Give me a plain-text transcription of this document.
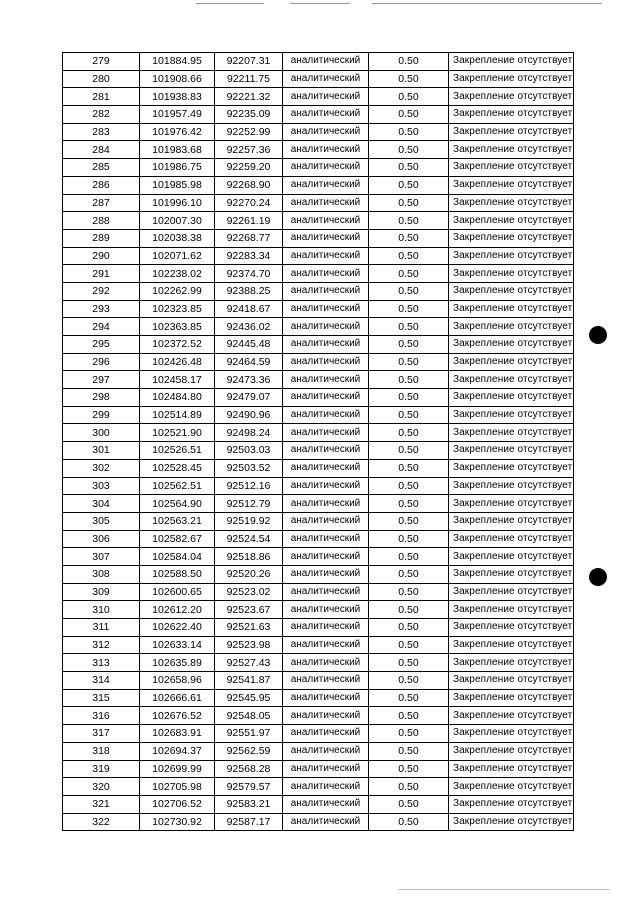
279	101884.95	92207.31	аналитический	0.50	Закрепление отсутствует
280	101908.66	92211.75	аналитический	0.50	Закрепление отсутствует
281	101938.83	92221.32	аналитический	0.50	Закрепление отсутствует
282	101957.49	92235.09	аналитический	0.50	Закрепление отсутствует
283	101976.42	92252.99	аналитический	0.50	Закрепление отсутствует
284	101983.68	92257.36	аналитический	0.50	Закрепление отсутствует
285	101986.75	92259.20	аналитический	0.50	Закрепление отсутствует
286	101985.98	92268.90	аналитический	0.50	Закрепление отсутствует
287	101996.10	92270.24	аналитический	0.50	Закрепление отсутствует
288	102007.30	92261.19	аналитический	0.50	Закрепление отсутствует
289	102038.38	92268.77	аналитический	0.50	Закрепление отсутствует
290	102071.62	92283.34	аналитический	0.50	Закрепление отсутствует
291	102238.02	92374.70	аналитический	0.50	Закрепление отсутствует
292	102262.99	92388.25	аналитический	0.50	Закрепление отсутствует
293	102323.85	92418.67	аналитический	0.50	Закрепление отсутствует
294	102363.85	92436.02	аналитический	0.50	Закрепление отсутствует
295	102372.52	92445.48	аналитический	0.50	Закрепление отсутствует
296	102426.48	92464.59	аналитический	0.50	Закрепление отсутствует
297	102458.17	92473.36	аналитический	0.50	Закрепление отсутствует
298	102484.80	92479.07	аналитический	0.50	Закрепление отсутствует
299	102514.89	92490.96	аналитический	0.50	Закрепление отсутствует
300	102521.90	92498.24	аналитический	0.50	Закрепление отсутствует
301	102526.51	92503.03	аналитический	0.50	Закрепление отсутствует
302	102528.45	92503.52	аналитический	0.50	Закрепление отсутствует
303	102562.51	92512.16	аналитический	0.50	Закрепление отсутствует
304	102564.90	92512.79	аналитический	0.50	Закрепление отсутствует
305	102563.21	92519.92	аналитический	0.50	Закрепление отсутствует
306	102582.67	92524.54	аналитический	0.50	Закрепление отсутствует
307	102584.04	92518.86	аналитический	0.50	Закрепление отсутствует
308	102588.50	92520.26	аналитический	0.50	Закрепление отсутствует
309	102600.65	92523.02	аналитический	0.50	Закрепление отсутствует
310	102612.20	92523.67	аналитический	0.50	Закрепление отсутствует
311	102622.40	92521.63	аналитический	0.50	Закрепление отсутствует
312	102633.14	92523.98	аналитический	0.50	Закрепление отсутствует
313	102635.89	92527.43	аналитический	0.50	Закрепление отсутствует
314	102658.96	92541.87	аналитический	0.50	Закрепление отсутствует
315	102666.61	92545.95	аналитический	0.50	Закрепление отсутствует
316	102676.52	92548.05	аналитический	0.50	Закрепление отсутствует
317	102683.91	92551.97	аналитический	0.50	Закрепление отсутствует
318	102694.37	92562.59	аналитический	0.50	Закрепление отсутствует
319	102699.99	92568.28	аналитический	0.50	Закрепление отсутствует
320	102705.98	92579.57	аналитический	0.50	Закрепление отсутствует
321	102706.52	92583.21	аналитический	0.50	Закрепление отсутствует
322	102730.92	92587.17	аналитический	0.50	Закрепление отсутствует
